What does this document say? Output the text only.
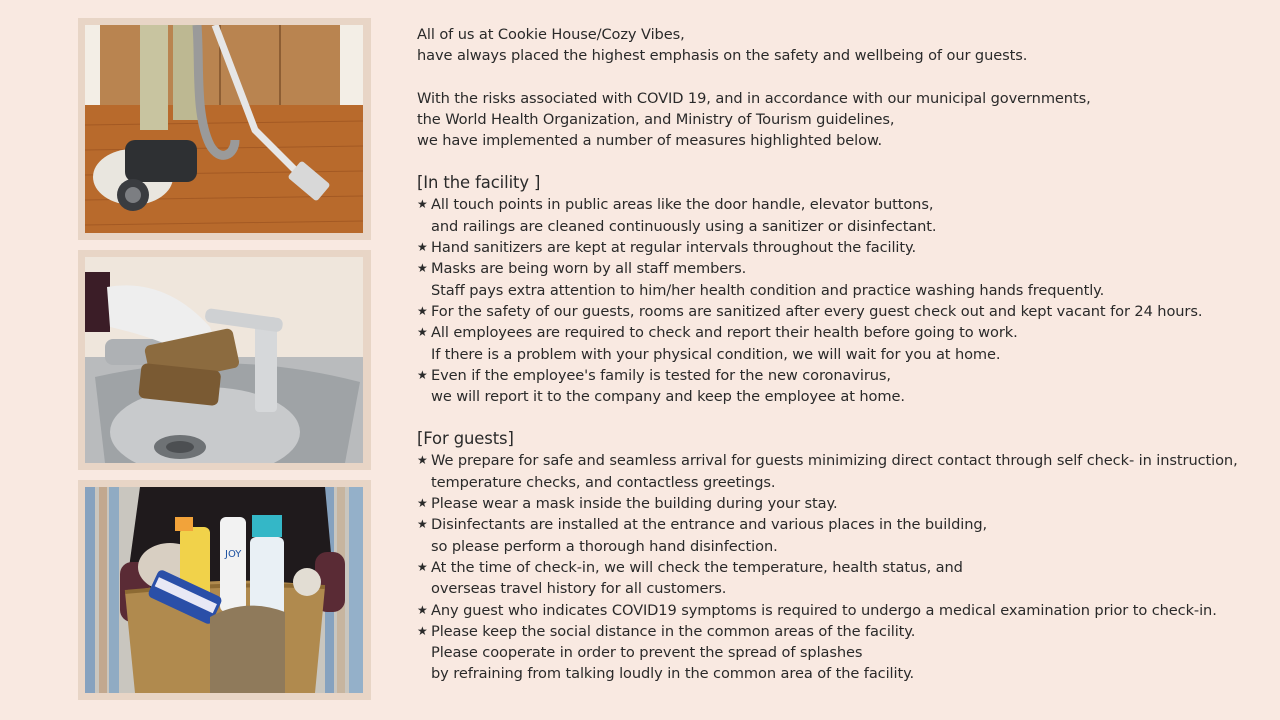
JOY
All of us at Cookie House/Cozy Vibes,
have always placed the highest emphasis on the safety and wellbeing of our guests.
With the risks associated with COVID 19, and in accordance with our municipal governments,
the World Health Organization, and Ministry of Tourism guidelines,
we have implemented a number of measures highlighted below.
[In the facility ]
★ All touch points in public areas like the door handle, elevator buttons,
and railings are cleaned continuously using a sanitizer or disinfectant.
★ Hand sanitizers are kept at regular intervals throughout the facility.
★ Masks are being worn by all staff members.
Staff pays extra attention to him/her health condition and practice washing hands frequently.
★ For the safety of our guests, rooms are sanitized after every guest check out and kept vacant for 24 hours.
★ All employees are required to check and report their health before going to work.
If there is a problem with your physical condition, we will wait for you at home.
★ Even if the employee's family is tested for the new coronavirus,
we will report it to the company and keep the employee at home.
[For guests]
★ We prepare for safe and seamless arrival for guests minimizing direct contact through self check- in instruction,
temperature checks, and contactless greetings.
★ Please wear a mask inside the building during your stay.
★ Disinfectants are installed at the entrance and various places in the building,
so please perform a thorough hand disinfection.
★ At the time of check-in, we will check the temperature, health status, and
overseas travel history for all customers.
★ Any guest who indicates COVID19 symptoms is required to undergo a medical examination prior to check-in.
★ Please keep the social distance in the common areas of the facility.
Please cooperate in order to prevent the spread of splashes
by refraining from talking loudly in the common area of the facility.
